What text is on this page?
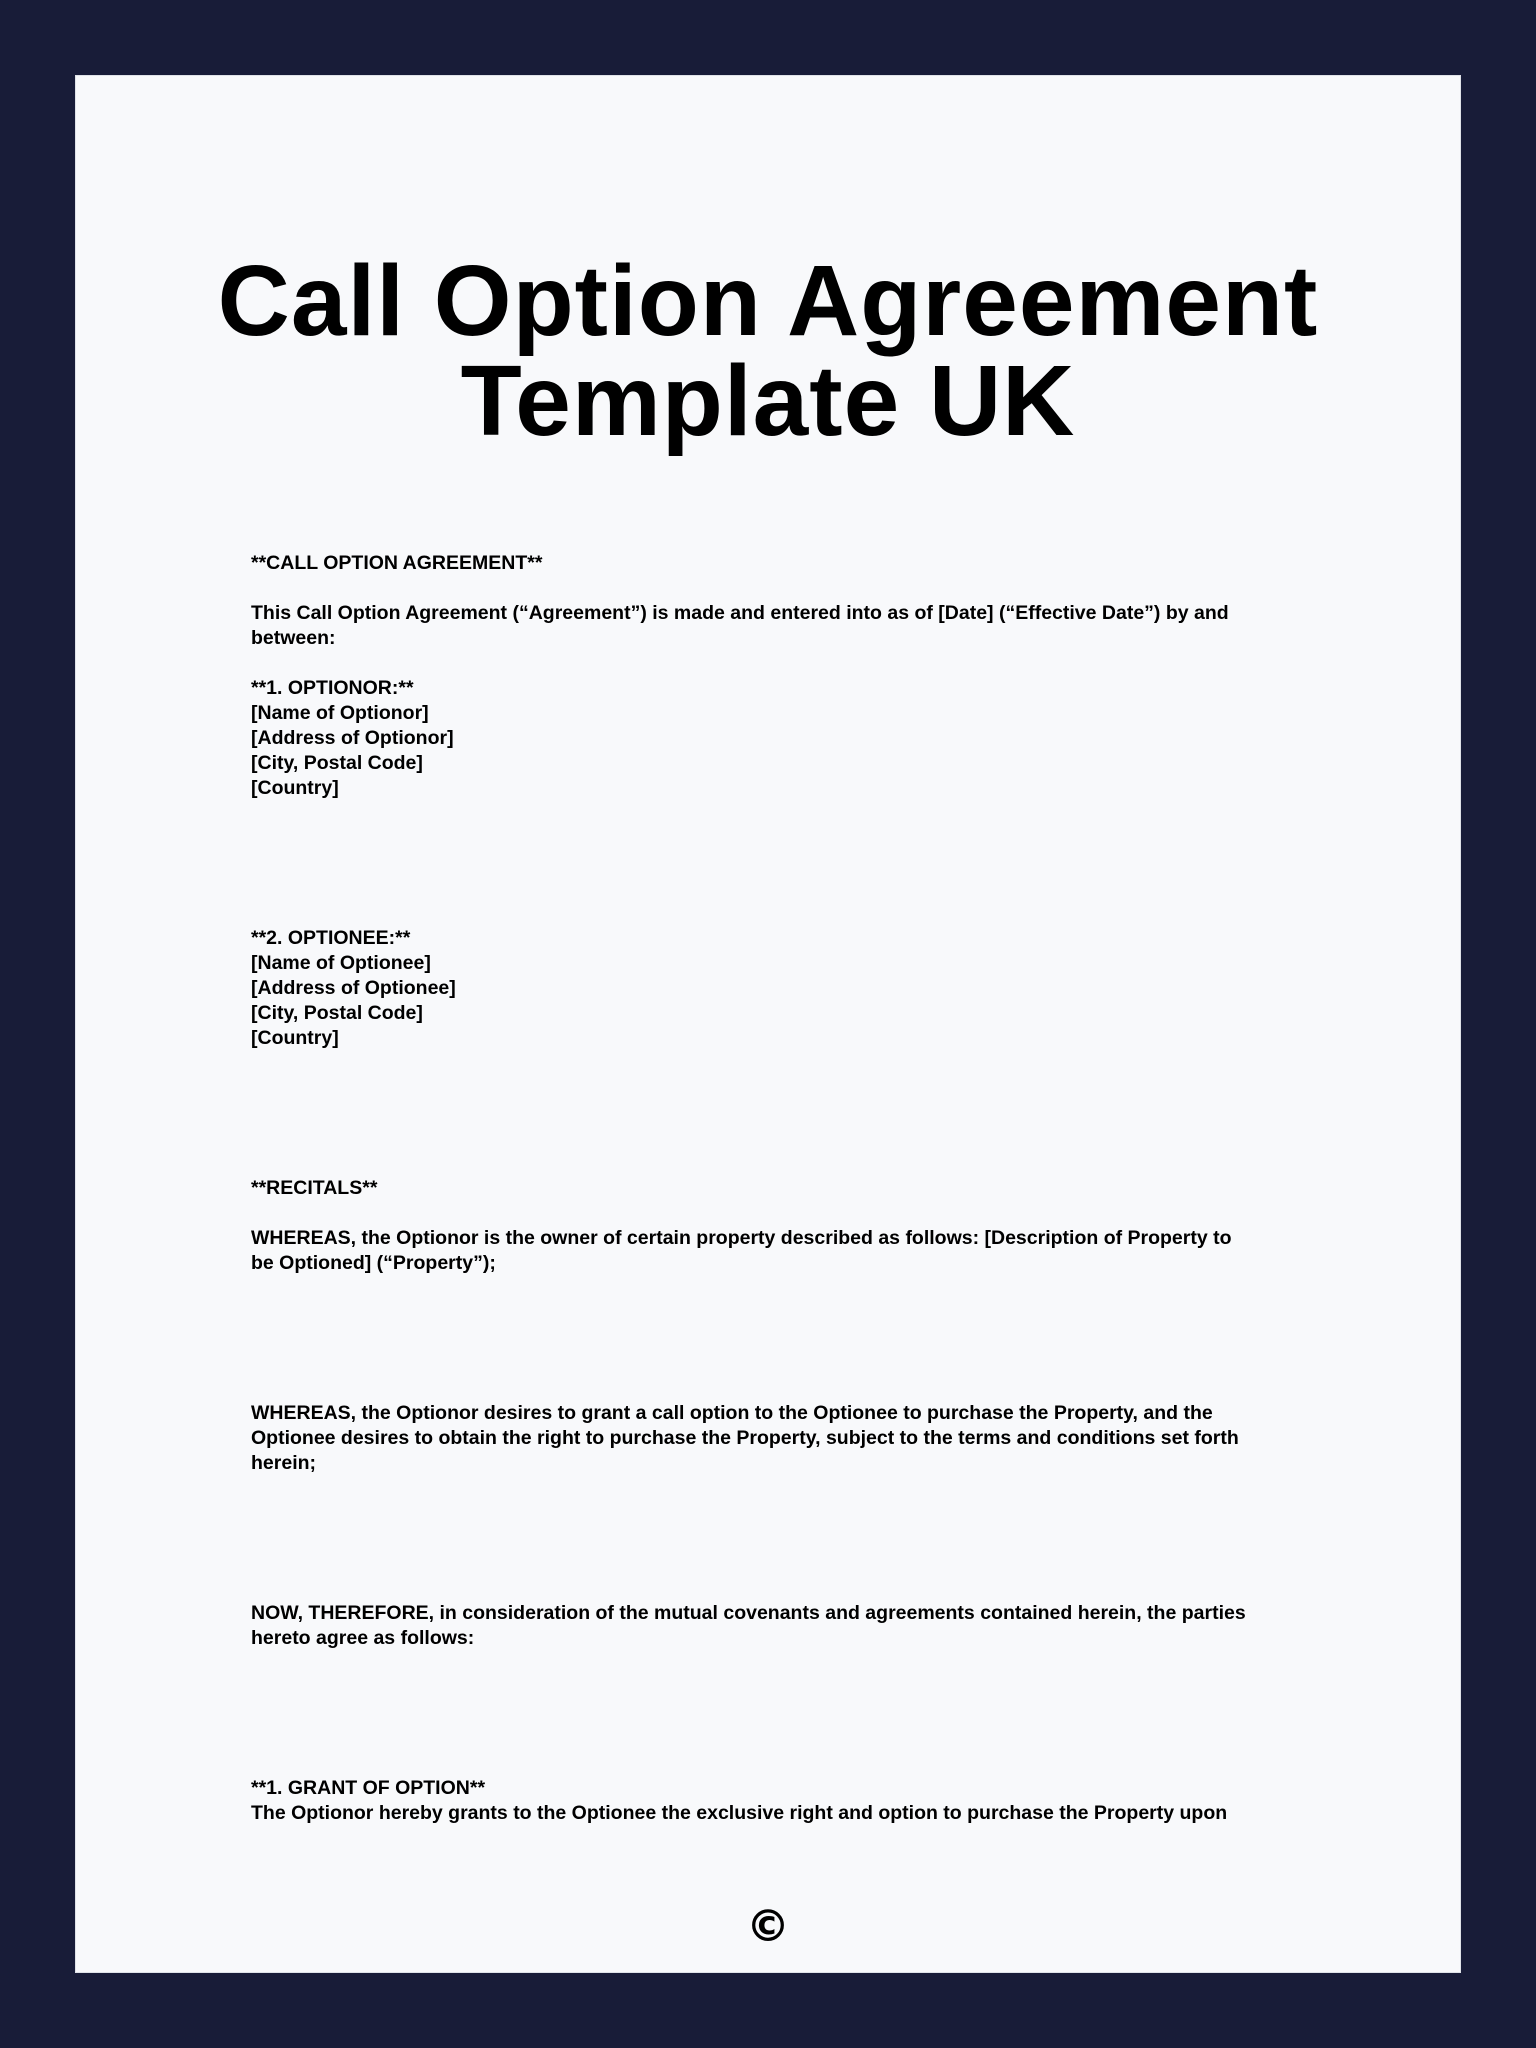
Call Option Agreement
Template UK
**CALL OPTION AGREEMENT**
This Call Option Agreement (“Agreement”) is made and entered into as of [Date] (“Effective Date”) by and
between:
**1. OPTIONOR:**
[Name of Optionor]
[Address of Optionor]
[City, Postal Code]
[Country]
**2. OPTIONEE:**
[Name of Optionee]
[Address of Optionee]
[City, Postal Code]
[Country]
**RECITALS**
WHEREAS, the Optionor is the owner of certain property described as follows: [Description of Property to
be Optioned] (“Property”);
WHEREAS, the Optionor desires to grant a call option to the Optionee to purchase the Property, and the
Optionee desires to obtain the right to purchase the Property, subject to the terms and conditions set forth
herein;
NOW, THEREFORE, in consideration of the mutual covenants and agreements contained herein, the parties
hereto agree as follows:
**1. GRANT OF OPTION**
The Optionor hereby grants to the Optionee the exclusive right and option to purchase the Property upon
©
